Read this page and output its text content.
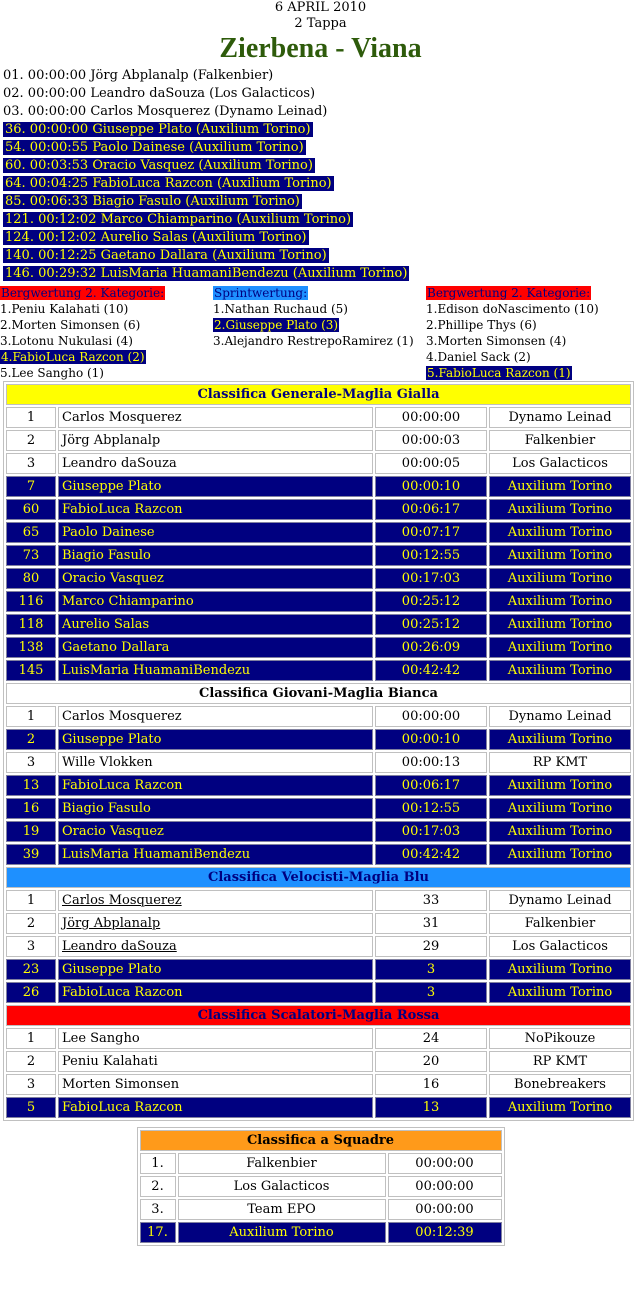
6 APRIL 2010
2 Tappa
Zierbena - Viana
01. 00:00:00 Jörg Abplanalp (Falkenbier)
02. 00:00:00 Leandro daSouza (Los Galacticos)
03. 00:00:00 Carlos Mosquerez (Dynamo Leinad)
36. 00:00:00 Giuseppe Plato (Auxilium Torino)
54. 00:00:55 Paolo Dainese (Auxilium Torino)
60. 00:03:53 Oracio Vasquez (Auxilium Torino)
64. 00:04:25 FabioLuca Razcon (Auxilium Torino)
85. 00:06:33 Biagio Fasulo (Auxilium Torino)
121. 00:12:02 Marco Chiamparino (Auxilium Torino)
124. 00:12:02 Aurelio Salas (Auxilium Torino)
140. 00:12:25 Gaetano Dallara (Auxilium Torino)
146. 00:29:32 LuisMaria HuamaniBendezu (Auxilium Torino)
Bergwertung 2. Kategorie:
1.Peniu Kalahati (10)
2.Morten Simonsen (6)
3.Lotonu Nukulasi (4)
4.FabioLuca Razcon (2)
5.Lee Sangho (1)
Sprintwertung:
1.Nathan Ruchaud (5)
2.Giuseppe Plato (3)
3.Alejandro RestrepoRamirez (1)
Bergwertung 2. Kategorie:
1.Edison doNascimento (10)
2.Phillipe Thys (6)
3.Morten Simonsen (4)
4.Daniel Sack (2)
5.FabioLuca Razcon (1)
Classifica Generale-Maglia Gialla			
1	Carlos Mosquerez	00:00:00	Dynamo Leinad
2	Jörg Abplanalp	00:00:03	Falkenbier
3	Leandro daSouza	00:00:05	Los Galacticos
7	Giuseppe Plato	00:00:10	Auxilium Torino
60	FabioLuca Razcon	00:06:17	Auxilium Torino
65	Paolo Dainese	00:07:17	Auxilium Torino
73	Biagio Fasulo	00:12:55	Auxilium Torino
80	Oracio Vasquez	00:17:03	Auxilium Torino
116	Marco Chiamparino	00:25:12	Auxilium Torino
118	Aurelio Salas	00:25:12	Auxilium Torino
138	Gaetano Dallara	00:26:09	Auxilium Torino
145	LuisMaria HuamaniBendezu	00:42:42	Auxilium Torino
Classifica Giovani-Maglia Bianca			
1	Carlos Mosquerez	00:00:00	Dynamo Leinad
2	Giuseppe Plato	00:00:10	Auxilium Torino
3	Wille Vlokken	00:00:13	RP KMT
13	FabioLuca Razcon	00:06:17	Auxilium Torino
16	Biagio Fasulo	00:12:55	Auxilium Torino
19	Oracio Vasquez	00:17:03	Auxilium Torino
39	LuisMaria HuamaniBendezu	00:42:42	Auxilium Torino
Classifica Velocisti-Maglia Blu			
1	Carlos Mosquerez	33	Dynamo Leinad
2	Jörg Abplanalp	31	Falkenbier
3	Leandro daSouza	29	Los Galacticos
23	Giuseppe Plato	3	Auxilium Torino
26	FabioLuca Razcon	3	Auxilium Torino
Classifica Scalatori-Maglia Rossa			
1	Lee Sangho	24	NoPikouze
2	Peniu Kalahati	20	RP KMT
3	Morten Simonsen	16	Bonebreakers
5	FabioLuca Razcon	13	Auxilium Torino
Classifica a Squadre		
1.	Falkenbier	00:00:00
2.	Los Galacticos	00:00:00
3.	Team EPO	00:00:00
17.	Auxilium Torino	00:12:39
